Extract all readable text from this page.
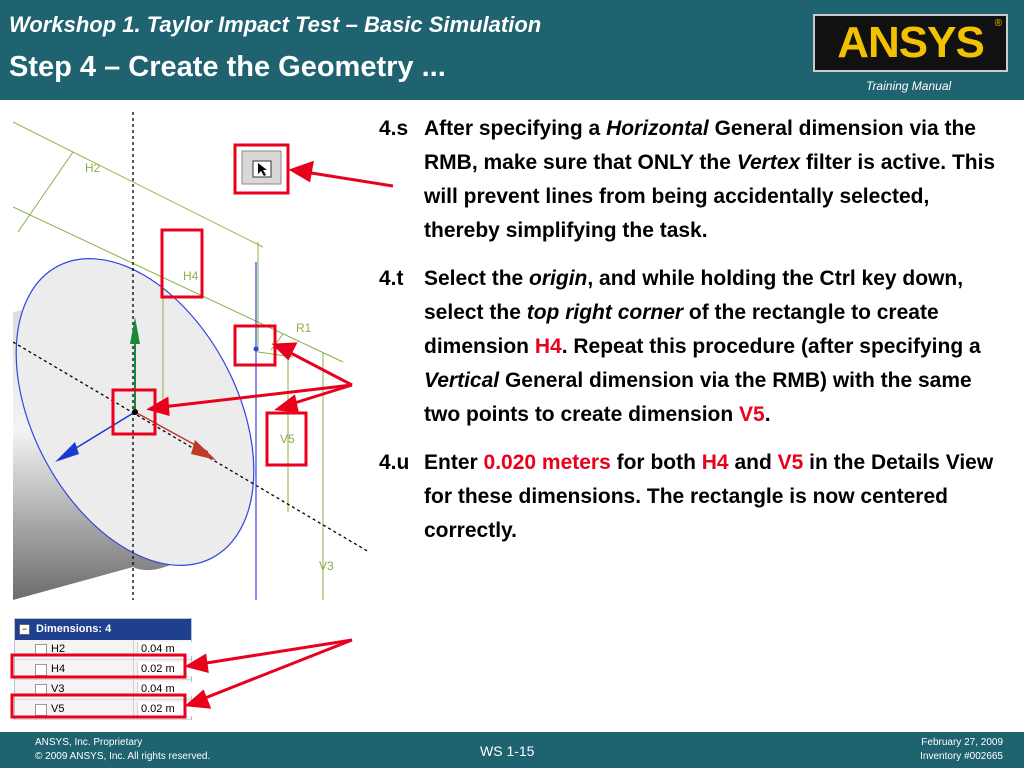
Workshop 1. Taylor Impact Test – Basic Simulation
Step 4 – Create the Geometry ...	ANSYS	®
Training Manual
H2
H4
R1
V5
V3
− Dimensions: 4
H2	0.04 m
H4	0.02 m
V3	0.04 m
V5	0.02 m
4.s After specifying a Horizontal General dimension via the RMB, make sure that ONLY the Vertex filter is active. This will prevent lines from being accidentally selected, thereby simplifying the task.
4.t Select the origin, and while holding the Ctrl key down, select the top right corner of the rectangle to create dimension H4. Repeat this procedure (after specifying a Vertical General dimension via the RMB) with the same two points to create dimension V5.
4.u Enter 0.020 meters for both H4 and V5 in the Details View for these dimensions. The rectangle is now centered correctly.
ANSYS, Inc. Proprietary
© 2009 ANSYS, Inc. All rights reserved.	WS 1-15
February 27, 2009
Inventory #002665
